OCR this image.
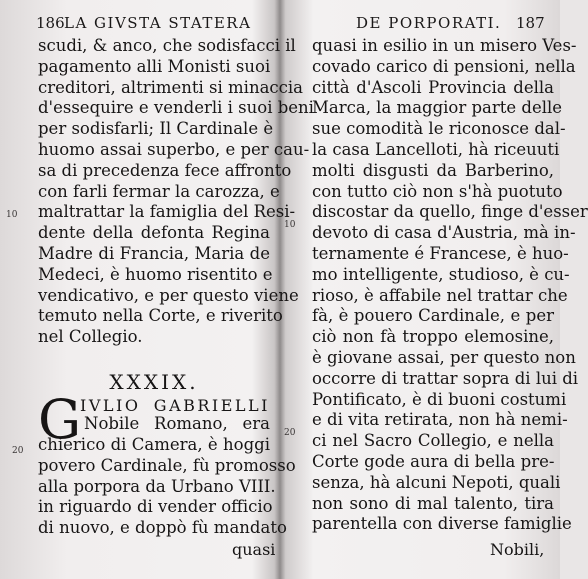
186 LA GIVSTA STATERA
scudi, & anco, che sodisfacci il
pagamento alli Monisti suoi
creditori, altrimenti si minaccia
d'essequire e venderli i suoi beni
per sodisfarli; Il Cardinale è
huomo assai superbo, e per cau-
sa di precedenza fece affronto
con farli fermar la carozza, e
maltrattar la famiglia del Resi-
dente della defonta Regina
Madre di Francia, Maria de
Medeci, è huomo risentito e
vendicativo, e per questo viene
temuto nella Corte, e riverito
nel Collegio.
XXXIX.
G
IVLIO GABRIELLI
Nobile Romano, era
chierico di Camera, è hoggi
povero Cardinale, fù promosso
alla porpora da Urbano VIII.
in riguardo di vender officio
di nuovo, e doppò fù mandato
quasi
10
20
DE PORPORATI. 187
quasi in esilio in un misero Ves-
covado carico di pensioni, nella
città d'Ascoli Provincia della
Marca, la maggior parte delle
sue comodità le riconosce dal-
la casa Lancelloti, hà riceuuti
molti disgusti da Barberino,
con tutto ciò non s'hà puotuto
discostar da quello, finge d'esser
devoto di casa d'Austria, mà in-
ternamente é Francese, è huo-
mo intelligente, studioso, è cu-
rioso, è affabile nel trattar che
fà, è pouero Cardinale, e per
ciò non fà troppo elemosine,
è giovane assai, per questo non
occorre di trattar sopra di lui di
Pontificato, è di buoni costumi
e di vita retirata, non hà nemi-
ci nel Sacro Collegio, e nella
Corte gode aura di bella pre-
senza, hà alcuni Nepoti, quali
non sono di mal talento, tira
parentella con diverse famiglie
Nobili,
10
20
